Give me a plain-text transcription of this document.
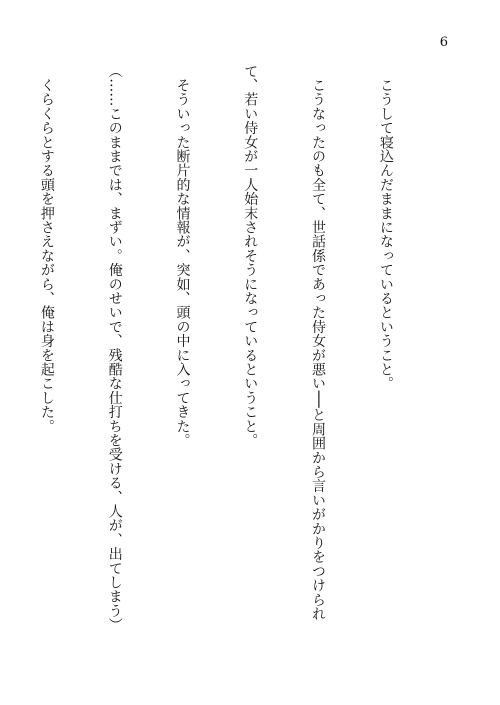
6

　こうして寝込んだままになっているということ。

　こうなったのも全て、世話係であった侍女が悪い──と周囲から言いがかりをつけられ

て、若い侍女が一人始末されそうになっているということ。

　そういった断片的な情報が、突如、頭の中に入ってきた。

（……このままでは、まずい。俺のせいで、残酷な仕打ちを受ける、人が、出てしまう）

　くらくらとする頭を押さえながら、俺は身を起こした。
